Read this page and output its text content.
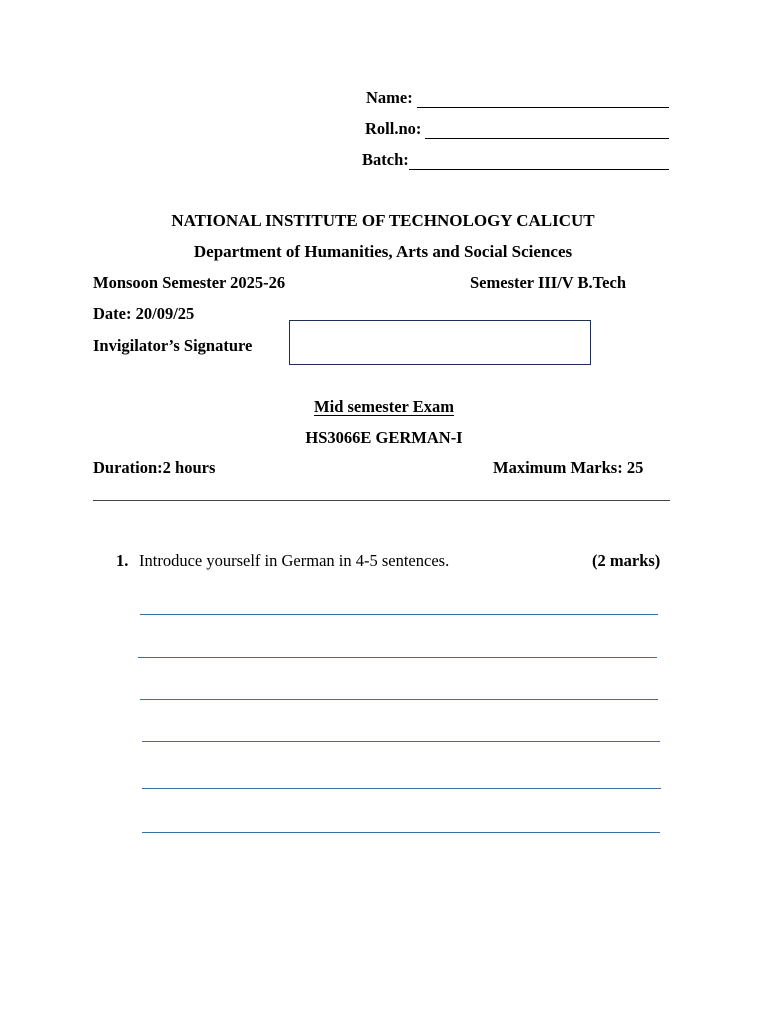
Name:
Roll.no:
Batch:
NATIONAL INSTITUTE OF TECHNOLOGY CALICUT
Department of Humanities, Arts and Social Sciences
Monsoon Semester 2025-26	Semester III/V B.Tech
Date: 20/09/25
Invigilator’s Signature
Mid semester Exam
HS3066E GERMAN-I
Duration:2 hours	Maximum Marks: 25
1. Introduce yourself in German in 4-5 sentences.	(2 marks)
